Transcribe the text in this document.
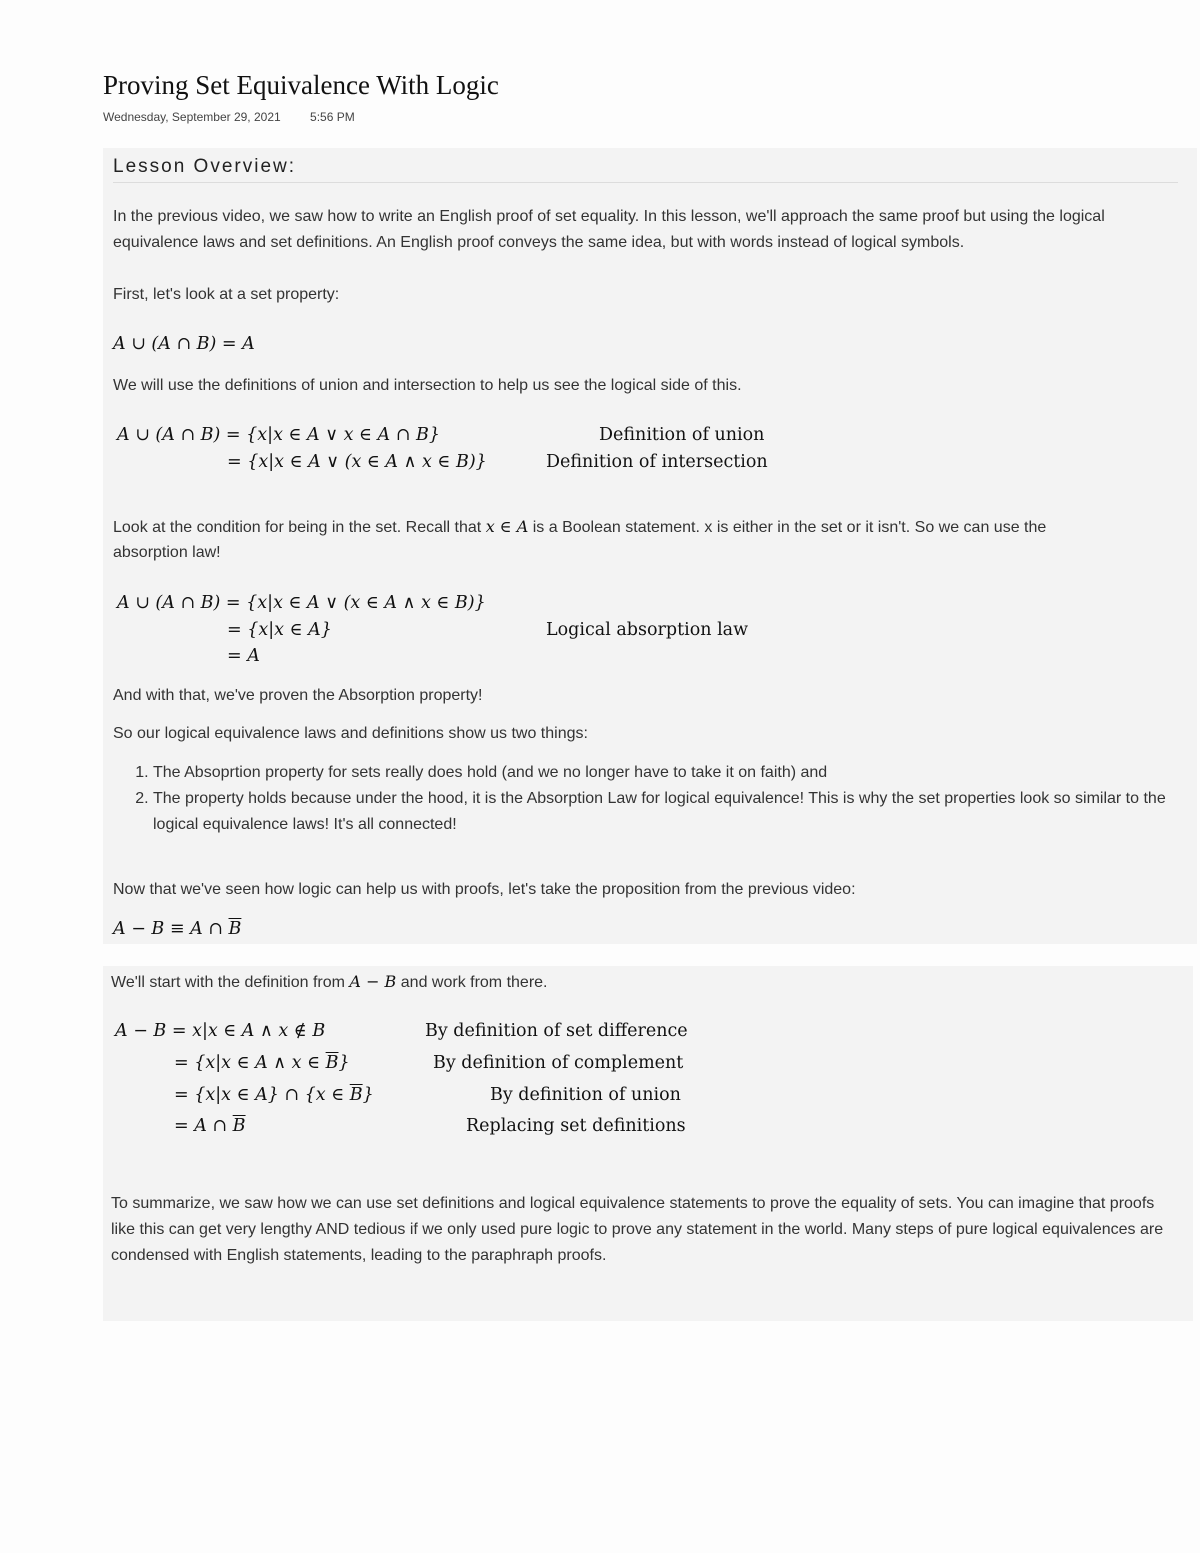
Proving Set Equivalence With Logic
Wednesday, September 29, 2021 5:56 PM
Lesson Overview:
In the previous video, we saw how to write an English proof of set equality. In this lesson, we'll approach the same proof but using the logical equivalence laws and set definitions. An English proof conveys the same idea, but with words instead of logical symbols.
First, let's look at a set property:
A ∪ (A ∩ B) = A
We will use the definitions of union and intersection to help us see the logical side of this.
A ∪ (A ∩ B) = {x|x ∈ A ∨ x ∈ A ∩ B}	Definition of union
= {x|x ∈ A ∨ (x ∈ A ∧ x ∈ B)}	Definition of intersection
Look at the condition for being in the set. Recall that x ∈ A is a Boolean statement. x is either in the set or it isn't. So we can use the
absorption law!
A ∪ (A ∩ B) = {x|x ∈ A ∨ (x ∈ A ∧ x ∈ B)}
= {x|x ∈ A}	Logical absorption law
= A
And with that, we've proven the Absorption property!
So our logical equivalence laws and definitions show us two things:
1. The Absoprtion property for sets really does hold (and we no longer have to take it on faith) and
2. The property holds because under the hood, it is the Absorption Law for logical equivalence! This is why the set properties look so similar to the logical equivalence laws! It's all connected!
Now that we've seen how logic can help us with proofs, let's take the proposition from the previous video:
A − B ≡ A ∩ $\overline{B}$
We'll start with the definition from A − B and work from there.
A − B = x|x ∈ A ∧ x ∉ B	By definition of set difference
= {x|x ∈ A ∧ x ∈ $\overline{B}$}	By definition of complement
= {x|x ∈ A} ∩ {x ∈ $\overline{B}$}	By definition of union
= A ∩ $\overline{B}$	Replacing set definitions
To summarize, we saw how we can use set definitions and logical equivalence statements to prove the equality of sets. You can imagine that proofs like this can get very lengthy AND tedious if we only used pure logic to prove any statement in the world. Many steps of pure logical equivalences are condensed with English statements, leading to the paraphraph proofs.
